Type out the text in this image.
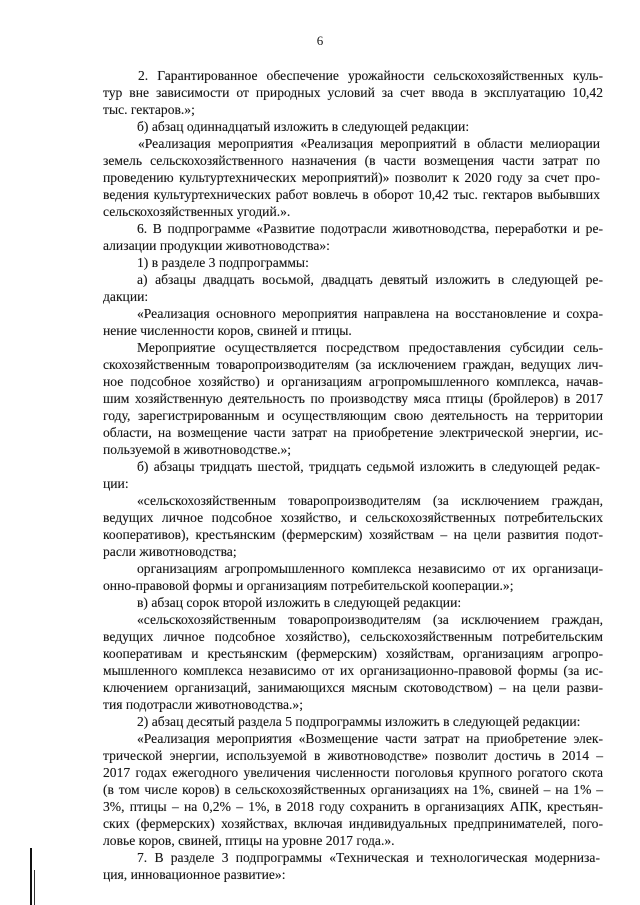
6
2. Гарантированное обеспечение урожайности сельскохозяйственных куль-
тур вне зависимости от природных условий за счет ввода в эксплуатацию 10,42
тыс. гектаров.»;
б) абзац одиннадцатый изложить в следующей редакции:
«Реализация мероприятия «Реализация мероприятий в области мелиорации
земель сельскохозяйственного назначения (в части возмещения части затрат по
проведению культуртехнических мероприятий)» позволит к 2020 году за счет про-
ведения культуртехнических работ вовлечь в оборот 10,42 тыс. гектаров выбывших
сельскохозяйственных угодий.».
6. В подпрограмме «Развитие подотрасли животноводства, переработки и ре-
ализации продукции животноводства»:
1) в разделе 3 подпрограммы:
а) абзацы двадцать восьмой, двадцать девятый изложить в следующей ре-
дакции:
«Реализация основного мероприятия направлена на восстановление и сохра-
нение численности коров, свиней и птицы.
Мероприятие осуществляется посредством предоставления субсидии сель-
скохозяйственным товаропроизводителям (за исключением граждан, ведущих лич-
ное подсобное хозяйство) и организациям агропромышленного комплекса, начав-
шим хозяйственную деятельность по производству мяса птицы (бройлеров) в 2017
году, зарегистрированным и осуществляющим свою деятельность на территории
области, на возмещение части затрат на приобретение электрической энергии, ис-
пользуемой в животноводстве.»;
б) абзацы тридцать шестой, тридцать седьмой изложить в следующей редак-
ции:
«сельскохозяйственным товаропроизводителям (за исключением граждан,
ведущих личное подсобное хозяйство, и сельскохозяйственных потребительских
кооперативов), крестьянским (фермерским) хозяйствам – на цели развития подот-
расли животноводства;
организациям агропромышленного комплекса независимо от их организаци-
онно-правовой формы и организациям потребительской кооперации.»;
в) абзац сорок второй изложить в следующей редакции:
«сельскохозяйственным товаропроизводителям (за исключением граждан,
ведущих личное подсобное хозяйство), сельскохозяйственным потребительским
кооперативам и крестьянским (фермерским) хозяйствам, организациям агропро-
мышленного комплекса независимо от их организационно-правовой формы (за ис-
ключением организаций, занимающихся мясным скотоводством) – на цели разви-
тия подотрасли животноводства.»;
2) абзац десятый раздела 5 подпрограммы изложить в следующей редакции:
«Реализация мероприятия «Возмещение части затрат на приобретение элек-
трической энергии, используемой в животноводстве» позволит достичь в 2014 –
2017 годах ежегодного увеличения численности поголовья крупного рогатого скота
(в том числе коров) в сельскохозяйственных организациях на 1%, свиней – на 1% –
3%, птицы – на 0,2% – 1%, в 2018 году сохранить в организациях АПК, крестьян-
ских (фермерских) хозяйствах, включая индивидуальных предпринимателей, пого-
ловье коров, свиней, птицы на уровне 2017 года.».
7. В разделе 3 подпрограммы «Техническая и технологическая модерниза-
ция, инновационное развитие»:
